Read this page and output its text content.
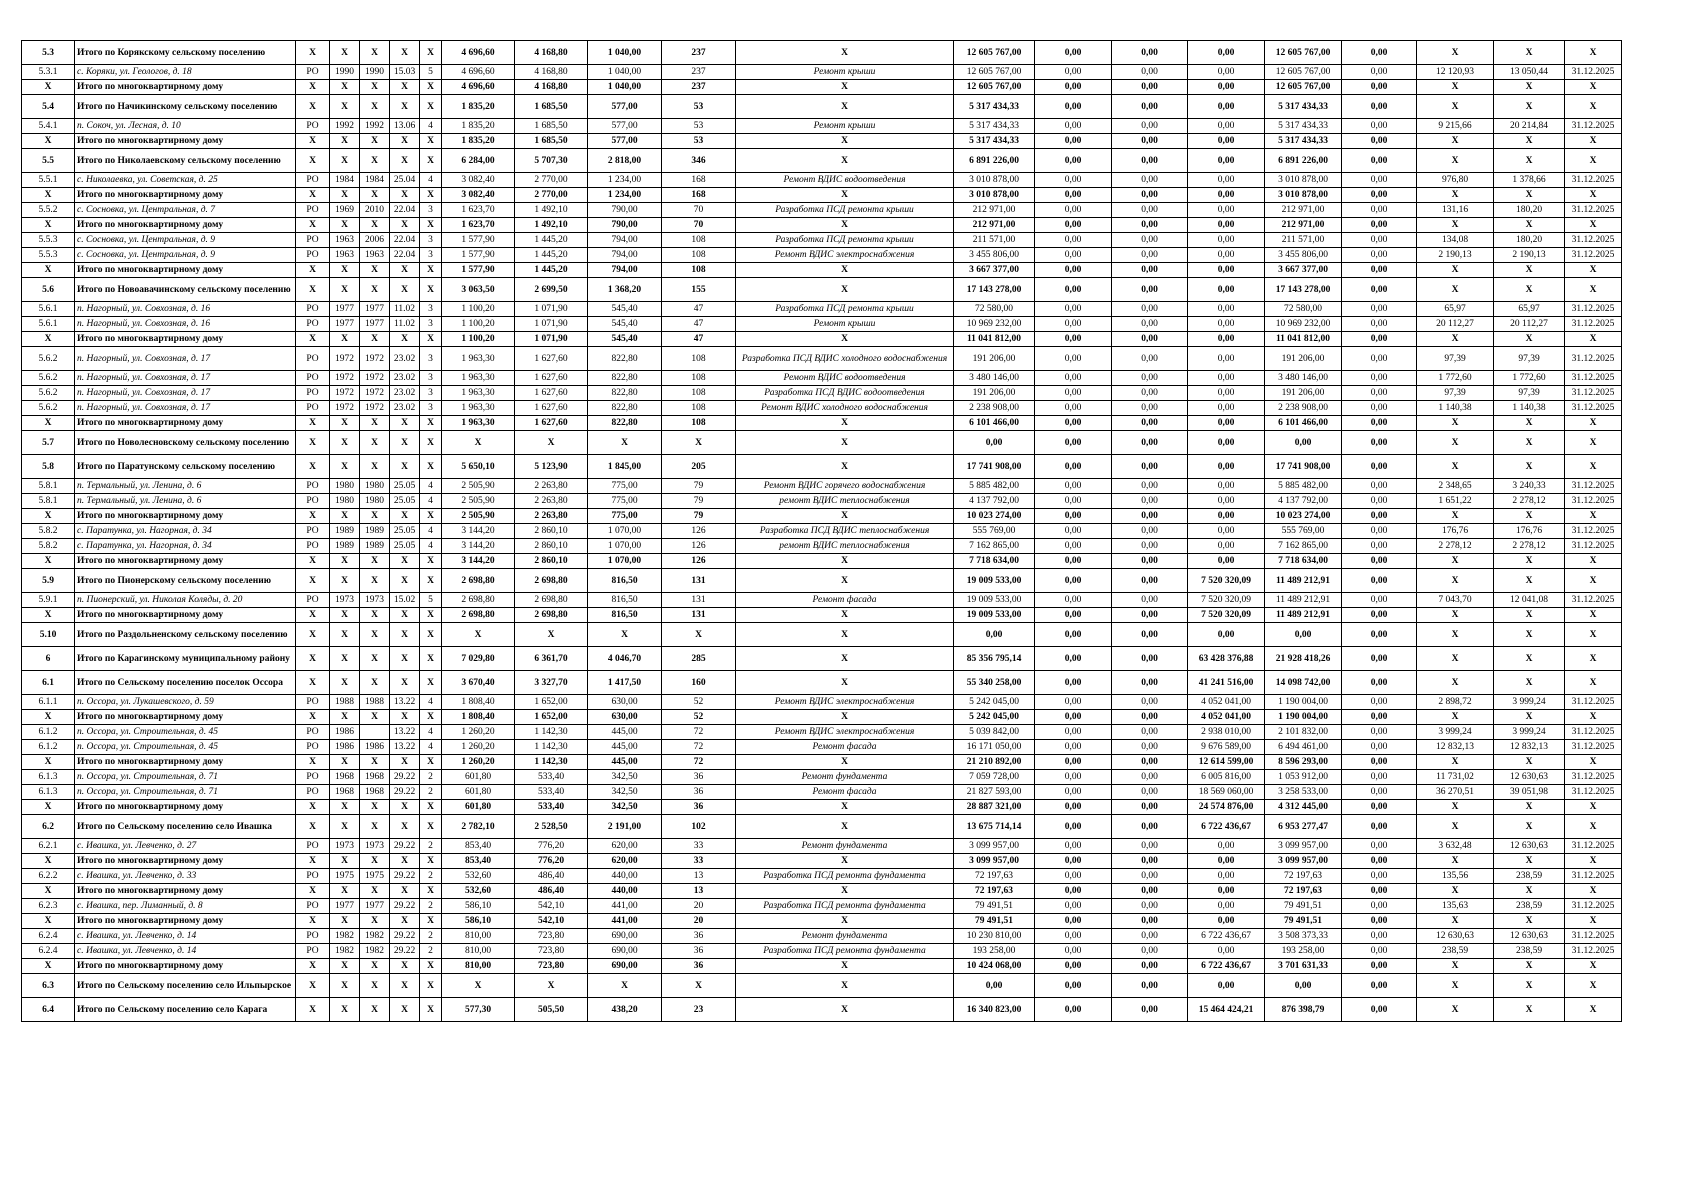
5.3	Итого по Корякскому сельскому поселению	X	X	X	X	X	4 696,60	4 168,80	1 040,00	237	X	12 605 767,00	0,00	0,00	0,00	12 605 767,00	0,00	X	X	X
5.3.1	с. Коряки, ул. Геологов, д. 18	РО	1990	1990	15.03	5	4 696,60	4 168,80	1 040,00	237	Ремонт крыши	12 605 767,00	0,00	0,00	0,00	12 605 767,00	0,00	12 120,93	13 050,44	31.12.2025
X	Итого по многоквартирному дому	X	X	X	X	X	4 696,60	4 168,80	1 040,00	237	X	12 605 767,00	0,00	0,00	0,00	12 605 767,00	0,00	X	X	X
5.4	Итого по Начикинскому сельскому поселению	X	X	X	X	X	1 835,20	1 685,50	577,00	53	X	5 317 434,33	0,00	0,00	0,00	5 317 434,33	0,00	X	X	X
5.4.1	п. Сокоч, ул. Лесная, д. 10	РО	1992	1992	13.06	4	1 835,20	1 685,50	577,00	53	Ремонт крыши	5 317 434,33	0,00	0,00	0,00	5 317 434,33	0,00	9 215,66	20 214,84	31.12.2025
X	Итого по многоквартирному дому	X	X	X	X	X	1 835,20	1 685,50	577,00	53	X	5 317 434,33	0,00	0,00	0,00	5 317 434,33	0,00	X	X	X
5.5	Итого по Николаевскому сельскому поселению	X	X	X	X	X	6 284,00	5 707,30	2 818,00	346	X	6 891 226,00	0,00	0,00	0,00	6 891 226,00	0,00	X	X	X
5.5.1	с. Николаевка, ул. Советская, д. 25	РО	1984	1984	25.04	4	3 082,40	2 770,00	1 234,00	168	Ремонт ВДИС водоотведения	3 010 878,00	0,00	0,00	0,00	3 010 878,00	0,00	976,80	1 378,66	31.12.2025
X	Итого по многоквартирному дому	X	X	X	X	X	3 082,40	2 770,00	1 234,00	168	X	3 010 878,00	0,00	0,00	0,00	3 010 878,00	0,00	X	X	X
5.5.2	с. Сосновка, ул. Центральная, д. 7	РО	1969	2010	22.04	3	1 623,70	1 492,10	790,00	70	Разработка ПСД ремонта крыши	212 971,00	0,00	0,00	0,00	212 971,00	0,00	131,16	180,20	31.12.2025
X	Итого по многоквартирному дому	X	X	X	X	X	1 623,70	1 492,10	790,00	70	X	212 971,00	0,00	0,00	0,00	212 971,00	0,00	X	X	X
5.5.3	с. Сосновка, ул. Центральная, д. 9	РО	1963	2006	22.04	3	1 577,90	1 445,20	794,00	108	Разработка ПСД ремонта крыши	211 571,00	0,00	0,00	0,00	211 571,00	0,00	134,08	180,20	31.12.2025
5.5.3	с. Сосновка, ул. Центральная, д. 9	РО	1963	1963	22.04	3	1 577,90	1 445,20	794,00	108	Ремонт ВДИС электроснабжения	3 455 806,00	0,00	0,00	0,00	3 455 806,00	0,00	2 190,13	2 190,13	31.12.2025
X	Итого по многоквартирному дому	X	X	X	X	X	1 577,90	1 445,20	794,00	108	X	3 667 377,00	0,00	0,00	0,00	3 667 377,00	0,00	X	X	X
5.6	Итого по Новоавачинскому сельскому поселению	X	X	X	X	X	3 063,50	2 699,50	1 368,20	155	X	17 143 278,00	0,00	0,00	0,00	17 143 278,00	0,00	X	X	X
5.6.1	п. Нагорный, ул. Совхозная, д. 16	РО	1977	1977	11.02	3	1 100,20	1 071,90	545,40	47	Разработка ПСД ремонта крыши	72 580,00	0,00	0,00	0,00	72 580,00	0,00	65,97	65,97	31.12.2025
5.6.1	п. Нагорный, ул. Совхозная, д. 16	РО	1977	1977	11.02	3	1 100,20	1 071,90	545,40	47	Ремонт крыши	10 969 232,00	0,00	0,00	0,00	10 969 232,00	0,00	20 112,27	20 112,27	31.12.2025
X	Итого по многоквартирному дому	X	X	X	X	X	1 100,20	1 071,90	545,40	47	X	11 041 812,00	0,00	0,00	0,00	11 041 812,00	0,00	X	X	X
5.6.2	п. Нагорный, ул. Совхозная, д. 17	РО	1972	1972	23.02	3	1 963,30	1 627,60	822,80	108	Разработка ПСД ВДИС холодного водоснабжения	191 206,00	0,00	0,00	0,00	191 206,00	0,00	97,39	97,39	31.12.2025
5.6.2	п. Нагорный, ул. Совхозная, д. 17	РО	1972	1972	23.02	3	1 963,30	1 627,60	822,80	108	Ремонт ВДИС водоотведения	3 480 146,00	0,00	0,00	0,00	3 480 146,00	0,00	1 772,60	1 772,60	31.12.2025
5.6.2	п. Нагорный, ул. Совхозная, д. 17	РО	1972	1972	23.02	3	1 963,30	1 627,60	822,80	108	Разработка ПСД ВДИС водоотведения	191 206,00	0,00	0,00	0,00	191 206,00	0,00	97,39	97,39	31.12.2025
5.6.2	п. Нагорный, ул. Совхозная, д. 17	РО	1972	1972	23.02	3	1 963,30	1 627,60	822,80	108	Ремонт ВДИС холодного водоснабжения	2 238 908,00	0,00	0,00	0,00	2 238 908,00	0,00	1 140,38	1 140,38	31.12.2025
X	Итого по многоквартирному дому	X	X	X	X	X	1 963,30	1 627,60	822,80	108	X	6 101 466,00	0,00	0,00	0,00	6 101 466,00	0,00	X	X	X
5.7	Итого по Новолесновскому сельскому поселению	X	X	X	X	X	X	X	X	X	X	0,00	0,00	0,00	0,00	0,00	0,00	X	X	X
5.8	Итого по Паратунскому сельскому поселению	X	X	X	X	X	5 650,10	5 123,90	1 845,00	205	X	17 741 908,00	0,00	0,00	0,00	17 741 908,00	0,00	X	X	X
5.8.1	п. Термальный, ул. Ленина, д. 6	РО	1980	1980	25.05	4	2 505,90	2 263,80	775,00	79	Ремонт ВДИС горячего водоснабжения	5 885 482,00	0,00	0,00	0,00	5 885 482,00	0,00	2 348,65	3 240,33	31.12.2025
5.8.1	п. Термальный, ул. Ленина, д. 6	РО	1980	1980	25.05	4	2 505,90	2 263,80	775,00	79	ремонт ВДИС теплоснабжения	4 137 792,00	0,00	0,00	0,00	4 137 792,00	0,00	1 651,22	2 278,12	31.12.2025
X	Итого по многоквартирному дому	X	X	X	X	X	2 505,90	2 263,80	775,00	79	X	10 023 274,00	0,00	0,00	0,00	10 023 274,00	0,00	X	X	X
5.8.2	с. Паратунка, ул. Нагорная, д. 34	РО	1989	1989	25.05	4	3 144,20	2 860,10	1 070,00	126	Разработка ПСД ВДИС теплоснабжения	555 769,00	0,00	0,00	0,00	555 769,00	0,00	176,76	176,76	31.12.2025
5.8.2	с. Паратунка, ул. Нагорная, д. 34	РО	1989	1989	25.05	4	3 144,20	2 860,10	1 070,00	126	ремонт ВДИС теплоснабжения	7 162 865,00	0,00	0,00	0,00	7 162 865,00	0,00	2 278,12	2 278,12	31.12.2025
X	Итого по многоквартирному дому	X	X	X	X	X	3 144,20	2 860,10	1 070,00	126	X	7 718 634,00	0,00	0,00	0,00	7 718 634,00	0,00	X	X	X
5.9	Итого по Пионерскому сельскому поселению	X	X	X	X	X	2 698,80	2 698,80	816,50	131	X	19 009 533,00	0,00	0,00	7 520 320,09	11 489 212,91	0,00	X	X	X
5.9.1	п. Пионерский, ул. Николая Коляды, д. 20	РО	1973	1973	15.02	5	2 698,80	2 698,80	816,50	131	Ремонт фасада	19 009 533,00	0,00	0,00	7 520 320,09	11 489 212,91	0,00	7 043,70	12 041,08	31.12.2025
X	Итого по многоквартирному дому	X	X	X	X	X	2 698,80	2 698,80	816,50	131	X	19 009 533,00	0,00	0,00	7 520 320,09	11 489 212,91	0,00	X	X	X
5.10	Итого по Раздольненскому сельскому поселению	X	X	X	X	X	X	X	X	X	X	0,00	0,00	0,00	0,00	0,00	0,00	X	X	X
6	Итого по Карагинскому муниципальному району	X	X	X	X	X	7 029,80	6 361,70	4 046,70	285	X	85 356 795,14	0,00	0,00	63 428 376,88	21 928 418,26	0,00	X	X	X
6.1	Итого по Сельскому поселению поселок Оссора	X	X	X	X	X	3 670,40	3 327,70	1 417,50	160	X	55 340 258,00	0,00	0,00	41 241 516,00	14 098 742,00	0,00	X	X	X
6.1.1	п. Оссора, ул. Лукашевского, д. 59	РО	1988	1988	13.22	4	1 808,40	1 652,00	630,00	52	Ремонт ВДИС электроснабжения	5 242 045,00	0,00	0,00	4 052 041,00	1 190 004,00	0,00	2 898,72	3 999,24	31.12.2025
X	Итого по многоквартирному дому	X	X	X	X	X	1 808,40	1 652,00	630,00	52	X	5 242 045,00	0,00	0,00	4 052 041,00	1 190 004,00	0,00	X	X	X
6.1.2	п. Оссора, ул. Строительная, д. 45	РО	1986		13.22	4	1 260,20	1 142,30	445,00	72	Ремонт ВДИС электроснабжения	5 039 842,00	0,00	0,00	2 938 010,00	2 101 832,00	0,00	3 999,24	3 999,24	31.12.2025
6.1.2	п. Оссора, ул. Строительная, д. 45	РО	1986	1986	13.22	4	1 260,20	1 142,30	445,00	72	Ремонт фасада	16 171 050,00	0,00	0,00	9 676 589,00	6 494 461,00	0,00	12 832,13	12 832,13	31.12.2025
X	Итого по многоквартирному дому	X	X	X	X	X	1 260,20	1 142,30	445,00	72	X	21 210 892,00	0,00	0,00	12 614 599,00	8 596 293,00	0,00	X	X	X
6.1.3	п. Оссора, ул. Строительная, д. 71	РО	1968	1968	29.22	2	601,80	533,40	342,50	36	Ремонт фундамента	7 059 728,00	0,00	0,00	6 005 816,00	1 053 912,00	0,00	11 731,02	12 630,63	31.12.2025
6.1.3	п. Оссора, ул. Строительная, д. 71	РО	1968	1968	29.22	2	601,80	533,40	342,50	36	Ремонт фасада	21 827 593,00	0,00	0,00	18 569 060,00	3 258 533,00	0,00	36 270,51	39 051,98	31.12.2025
X	Итого по многоквартирному дому	X	X	X	X	X	601,80	533,40	342,50	36	X	28 887 321,00	0,00	0,00	24 574 876,00	4 312 445,00	0,00	X	X	X
6.2	Итого по Сельскому поселению село Ивашка	X	X	X	X	X	2 782,10	2 528,50	2 191,00	102	X	13 675 714,14	0,00	0,00	6 722 436,67	6 953 277,47	0,00	X	X	X
6.2.1	с. Ивашка, ул. Левченко, д. 27	РО	1973	1973	29.22	2	853,40	776,20	620,00	33	Ремонт фундамента	3 099 957,00	0,00	0,00	0,00	3 099 957,00	0,00	3 632,48	12 630,63	31.12.2025
X	Итого по многоквартирному дому	X	X	X	X	X	853,40	776,20	620,00	33	X	3 099 957,00	0,00	0,00	0,00	3 099 957,00	0,00	X	X	X
6.2.2	с. Ивашка, ул. Левченко, д. 33	РО	1975	1975	29.22	2	532,60	486,40	440,00	13	Разработка ПСД ремонта фундамента	72 197,63	0,00	0,00	0,00	72 197,63	0,00	135,56	238,59	31.12.2025
X	Итого по многоквартирному дому	X	X	X	X	X	532,60	486,40	440,00	13	X	72 197,63	0,00	0,00	0,00	72 197,63	0,00	X	X	X
6.2.3	с. Ивашка, пер. Лиманный, д. 8	РО	1977	1977	29.22	2	586,10	542,10	441,00	20	Разработка ПСД ремонта фундамента	79 491,51	0,00	0,00	0,00	79 491,51	0,00	135,63	238,59	31.12.2025
X	Итого по многоквартирному дому	X	X	X	X	X	586,10	542,10	441,00	20	X	79 491,51	0,00	0,00	0,00	79 491,51	0,00	X	X	X
6.2.4	с. Ивашка, ул. Левченко, д. 14	РО	1982	1982	29.22	2	810,00	723,80	690,00	36	Ремонт фундамента	10 230 810,00	0,00	0,00	6 722 436,67	3 508 373,33	0,00	12 630,63	12 630,63	31.12.2025
6.2.4	с. Ивашка, ул. Левченко, д. 14	РО	1982	1982	29.22	2	810,00	723,80	690,00	36	Разработка ПСД ремонта фундамента	193 258,00	0,00	0,00	0,00	193 258,00	0,00	238,59	238,59	31.12.2025
X	Итого по многоквартирному дому	X	X	X	X	X	810,00	723,80	690,00	36	X	10 424 068,00	0,00	0,00	6 722 436,67	3 701 631,33	0,00	X	X	X
6.3	Итого по Сельскому поселению село Ильпырское	X	X	X	X	X	X	X	X	X	X	0,00	0,00	0,00	0,00	0,00	0,00	X	X	X
6.4	Итого по Сельскому поселению село Карага	X	X	X	X	X	577,30	505,50	438,20	23	X	16 340 823,00	0,00	0,00	15 464 424,21	876 398,79	0,00	X	X	X
